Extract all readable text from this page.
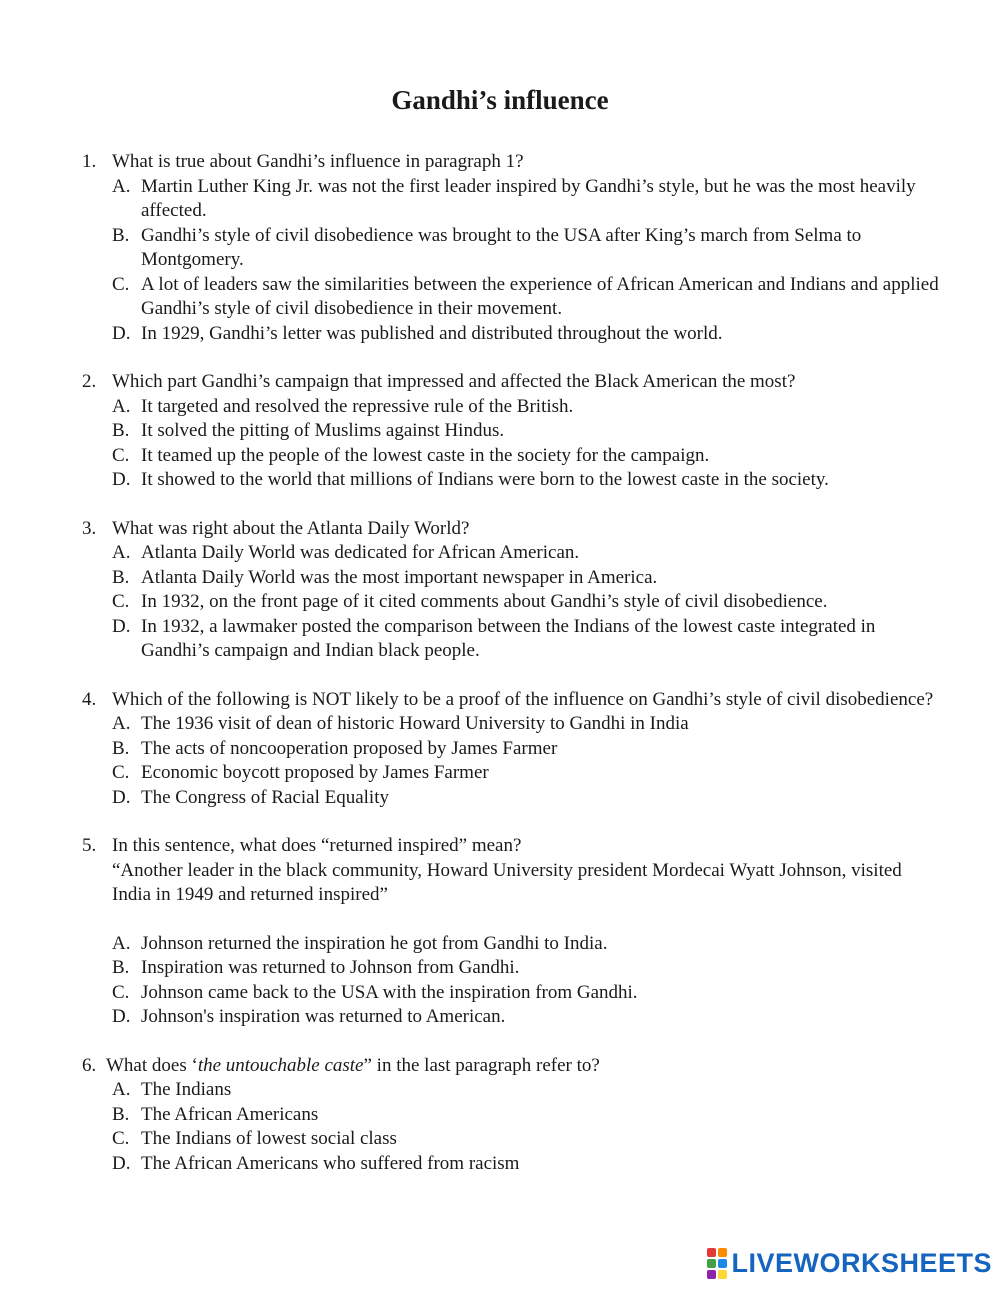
Gandhi’s influence
1. What is true about Gandhi’s influence in paragraph 1?
A. Martin Luther King Jr. was not the first leader inspired by Gandhi’s style, but he was the most heavily affected.
B. Gandhi’s style of civil disobedience was brought to the USA after King’s march from Selma to Montgomery.
C. A lot of leaders saw the similarities between the experience of African American and Indians and applied Gandhi’s style of civil disobedience in their movement.
D. In 1929, Gandhi’s letter was published and distributed throughout the world.
2. Which part Gandhi’s campaign that impressed and affected the Black American the most?
A. It targeted and resolved the repressive rule of the British.
B. It solved the pitting of Muslims against Hindus.
C. It teamed up the people of the lowest caste in the society for the campaign.
D. It showed to the world that millions of Indians were born to the lowest caste in the society.
3. What was right about the Atlanta Daily World?
A. Atlanta Daily World was dedicated for African American.
B. Atlanta Daily World was the most important newspaper in America.
C. In 1932, on the front page of it cited comments about Gandhi’s style of civil disobedience.
D. In 1932, a lawmaker posted the comparison between the Indians of the lowest caste integrated in Gandhi’s campaign and Indian black people.
4. Which of the following is NOT likely to be a proof of the influence on Gandhi’s style of civil disobedience?
A. The 1936 visit of dean of historic Howard University to Gandhi in India
B. The acts of noncooperation proposed by James Farmer
C. Economic boycott proposed by James Farmer
D. The Congress of Racial Equality
5. In this sentence, what does “returned inspired” mean?
“Another leader in the black community, Howard University president Mordecai Wyatt Johnson, visited India in 1949 and returned inspired”
A. Johnson returned the inspiration he got from Gandhi to India.
B. Inspiration was returned to Johnson from Gandhi.
C. Johnson came back to the USA with the inspiration from Gandhi.
D. Johnson's inspiration was returned to American.
6. What does ‘the untouchable caste” in the last paragraph refer to?
A. The Indians
B. The African Americans
C. The Indians of lowest social class
D. The African Americans who suffered from racism
LIVEWORKSHEETS
